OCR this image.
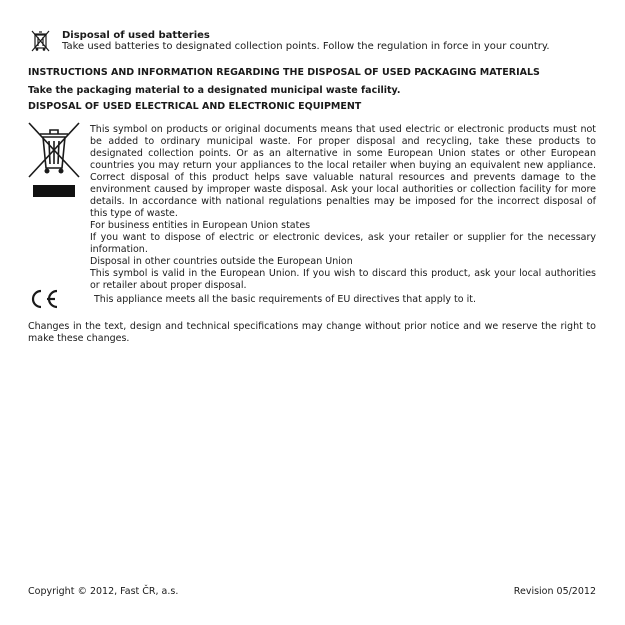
Disposal of used batteries
Take used batteries to designated collection points. Follow the regulation in force in your country.
INSTRUCTIONS AND INFORMATION REGARDING THE DISPOSAL OF USED PACKAGING MATERIALS
Take the packaging material to a designated municipal waste facility.
DISPOSAL OF USED ELECTRICAL AND ELECTRONIC EQUIPMENT

This symbol on products or original documents means that used electric or electronic products must not be added to ordinary municipal waste. For proper disposal and recycling, take these products to designated collection points. Or as an alternative in some European Union states or other European countries you may return your appliances to the local retailer when buying an equivalent new appliance. Correct disposal of this product helps save valuable natural resources and prevents damage to the environment caused by improper waste disposal. Ask your local authorities or collection facility for more details. In accordance with national regulations penalties may be imposed for the incorrect disposal of this type of waste.

For business entities in European Union states

If you want to dispose of electric or electronic devices, ask your retailer or supplier for the necessary information.

Disposal in other countries outside the European Union

This symbol is valid in the European Union. If you wish to discard this product, ask your local authorities or retailer about proper disposal.

This appliance meets all the basic requirements of EU directives that apply to it.
Changes in the text, design and technical specifications may change without prior notice and we reserve the right to make these changes.
Copyright © 2012, Fast ČR, a.s.	Revision 05/2012
